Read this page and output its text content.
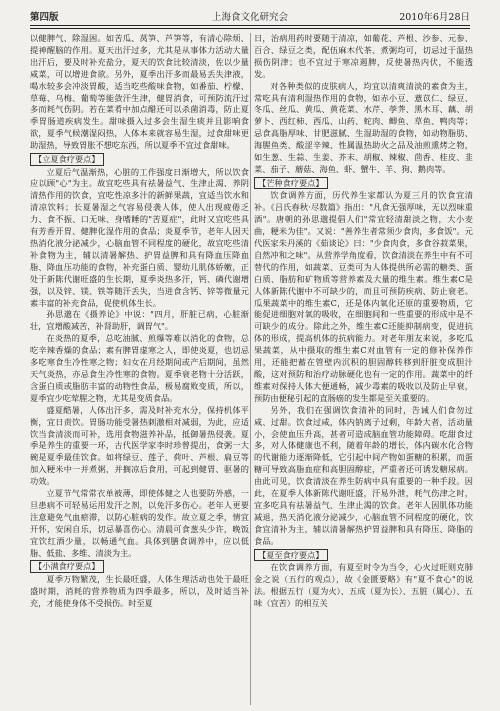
第四版	上海食文化研究会	2010年6月28日

以健脾气、除湿困。如苦瓜、莴笋、芦笋等，有清心除烦、提神醒脑的作用。夏天出汗过多，尤其是从事体力活动大量出汗后，要及时补充盐分，夏天的饮食比较清淡，佐以少量咸菜，可以增进食欲。另外，夏季出汗多而最易丢失津液，喝水较多会冲淡胃酸，适当吃些酸味食物，如番茄、柠檬、草莓、乌梅、葡萄等能敛汗生津，健胃消食，可预防流汗过多而耗气伤阴。若在菜肴中加点醋还可以杀菌消毒，防止夏季胃肠道疾病发生。甜味摄入过多会生湿生痰并且影响食欲，夏季气候潮湿闷热，人体本来就容易生湿，过食甜味更助湿热，导致胃胀不想吃东西，所以夏季不宜过食甜味。

【立夏食疗要点】

立夏后气温渐热，心脏的工作强度日渐增大，所以饮食应以顾"心"为主。故宜吃些具有祛暑益气、生津止渴、养阴清热作用的饮食，宜吃性凉多汁的新鲜果蔬，宜适当饮水和清凉饮料；长夏暑湿之气容易侵袭人体，使人出现疲倦乏力、食不振、口无味、身嗜睡的"苦夏症"，此时又宜吃些具有芳香开胃、健脾化湿作用的食品；炎夏季节，老年人因天热消化液分泌减少，心脑血管不同程度的硬化，故宜吃些清补食物为主，辅以清暑解热、护胃益脾和具有降血压降血脂、降血压功能的食物，补充蛋白质、婴幼儿肌体娇嫩，正处于新陈代谢旺盛的生长期，夏季炎热多汗，钙、磷代谢增强，以及锌、镁、铁等随汗丢失，当进食含钙、锌等微量元素丰富的补充食品，促使机体生长。

孙思邈在《摄养论》中说："四月，肝脏已病，心脏渐壮，宜增酸减苦，补肾助肝，调胃气"。

在炎热的夏季，总吃油腻、煎爆等难以消化的食物，总吃辛辣香燥的食品；素有脾胃虚寒之人，即使炎夏，也切忌多吃寒食生冷性寒之物；妇女在月经期间或产后期间，虽然天气炎热，亦忌食生冷性寒的食物。夏季衰老物十分活跃，含蛋白质或脂肪丰富的动物性食品，极易腐败变质，所以，夏季宜少吃荤腥之物，尤其是变质食品。

盛夏酷暑，人体出汗多，需及时补充水分，保持机体平衡，宜日责饮。胃肠功能受暑热刺激相对减弱，为此，应适饮当食清淡而可补，选用食物滋养补品，抵御暑热侵袭。夏季是养生的重要一环，古代医学家李时珍曾提出，食粥一大碗是夏季最佳饮食。如将绿豆、莲子、荷叶、芦根、扁豆等加入粳米中一并煮粥，并搁凉后食用，可起到健胃、驱暑的功效。

立夏节气常常衣单被薄，即使体健之人也要防外感，一旦患病不可轻易运用发汗之剂，以免汗多伤心。老年人更要注意避免气血瘀滞，以防心脏病的发作。故立夏之季，情宜开怀，安闲自乐，切忌暴喜伤心。清晨可食葱头少许，晚饭宜饮红酒少量，以畅通气血。具体到膳食调养中，应以低脂、低盐、多维、清淡为主。

【小满食疗要点】

夏季万物繁茂，生长最旺盛，人体生理活动也处于最旺盛时期，消耗的营养物质为四季最多，所以，及时适当补充，才能使身体不受损伤。时至夏

日，治病用药时要随于清凉，如葡花、芦根、沙参、元参、百合、绿豆之类，配伍麻木代茶、煮粥均可，切忌过于温热损伤阴津；也不宜过于寒凉遏脾，反使暑热内伏，不能透发。

对各种类似的皮肤病人，均宜以清爽清淡的素食为主，常吃具有清利湿热作用的食物，如赤小豆、薏苡仁、绿豆、冬瓜、丝瓜、黄瓜、黄花菜、水芹、荸荠、黑木耳、藕、胡萝卜、西红柿、西瓜、山药、蛇肉、鲫鱼、草鱼、鸭肉等；忌食高脂厚味、甘肥滋腻、生湿助湿的食物，如动物脂肪、海腥鱼类、酸涩辛辣、性属温热助火之品及油煎熏烤之物，如生葱、生蒜、生姜、芥末、胡椒、辣椒、茴香、桂皮、韭菜、茄子、蘑菇、海鱼、虾、蟹牛、羊、狗、鹅肉等。

【芒种食疗要点】

饮食调养方面，历代养生家都认为夏三月的饮食宜清补。《吕氏春秋·尽数篇》指出："凡食无强厚味，无以烈味重酒"。唐朝的孙思邈提倡人们"常宜轻清甜淡之物，大小麦曲，粳米为佳"。又说："善养生者常须少食肉，多食饭"。元代医家朱丹溪的《茹谈论》曰："少食肉食，多食谷菽菜果，自然冲和之味"。从营养学角度看，饮食清淡在养生中有不可替代的作用，如蔬菜、豆类可为人体提供所必需的糖类、蛋白质、脂肪和矿物质等营养素及大量的维生素。维生素C是人体新陈代谢中不可缺少的，而且可预防疾病、防止衰老。瓜果蔬菜中的维生素C，还是体内氧化还原的重要物质，它能促进细胞对氧的吸收，在细胞间和一些重要的形成中是不可缺少的成分。除此之外，维生素C还能抑制病变，促进抗体的形成，提高机体的抗病能力。对老年朋友来说，多吃瓜果蔬菜，从中摄取的维生素C对血管有一定的修补保养作用，还能把蓄在管壁内沉积的胆固醇转移到肝脏变成胆汁酸，这对预防和治疗动脉硬化也有一定的作用。蔬菜中的纤维素对保持人体大便通畅，减少毒素的吸收以及防止早衰，预防由便秘引起的直肠癌的发生都是至关重要的。

另外，我们在强调饮食清补的同时，告诫人们食勿过咸、过甜。饮食过咸，体内钠离子过剩，年龄大者，活动量小，会使血压升高，甚者可造成脑血管功能障碍。吃甜食过多，对人体健康也不利，随着年龄的增长，体内碳水化合物的代谢能力逐渐降低，它引起中间产物如蛋糖的积累，而蛋糖可导致高脂血症和高胆固醇症，严重者还可诱发糖尿病。由此可见，饮食清淡在养生防病中具有重要的一种手段。因此，在夏季人体新陈代谢旺盛，汗易外泄，耗气伤津之时，宜多吃具有祛暑益气、生津止渴的饮食。老年人因肌体功能减退，热天消化液分泌减少，心脑血管不同程度的硬化，饮食宜清补为主，辅以清暑解热护胃益脾和具有降压、降脂的食品。

【夏至食疗要点】

在饮食调养方面，有夏至时令为当令，心火过旺则克肺金之说（五行的观点），故《金匮要略》有"夏不食心"的说法。根据五行（夏为火）、五成（夏为长）、五脏（属心）、五味（宜苦）的相互关
